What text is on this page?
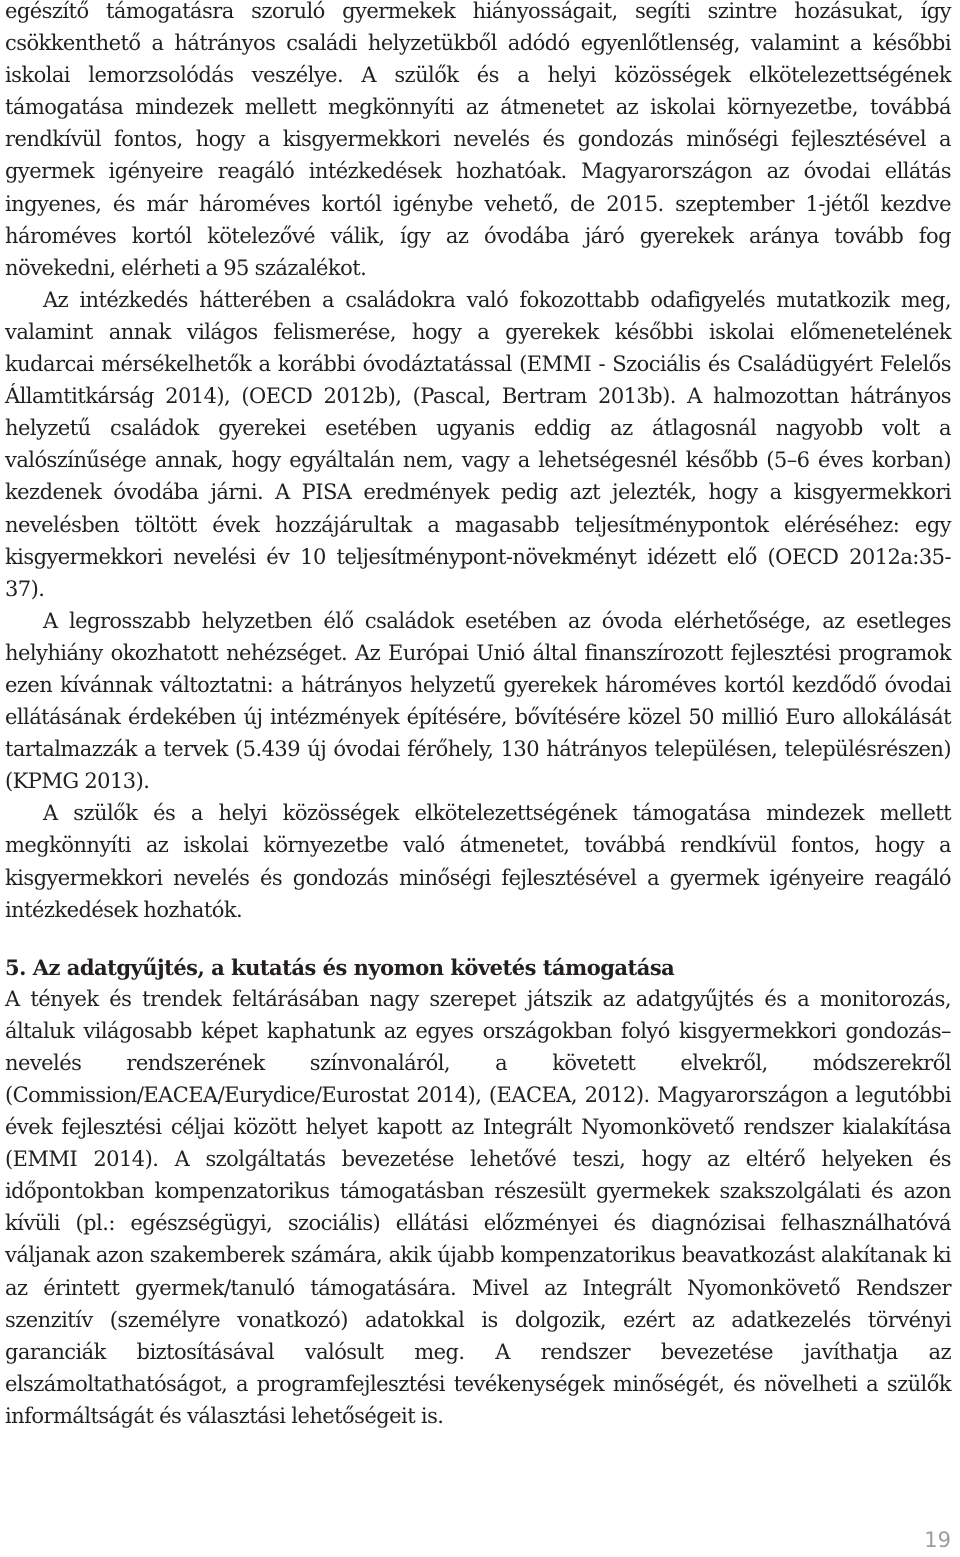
egészítő támogatásra szoruló gyermekek hiányosságait, segíti szintre hozásukat, így csökkenthető a hátrányos családi helyzetükből adódó egyenlőtlenség, valamint a későbbi iskolai lemorzsolódás veszélye. A szülők és a helyi közösségek elkötelezettségének támogatása mindezek mellett megkönnyíti az átmenetet az iskolai környezetbe, továbbá rendkívül fontos, hogy a kisgyermekkori nevelés és gondozás minőségi fejlesztésével a gyermek igényeire reagáló intézkedések hozhatóak. Magyarországon az óvodai ellátás ingyenes, és már hároméves kortól igénybe vehető, de 2015. szeptember 1-jétől kezdve hároméves kortól kötelezővé válik, így az óvodába járó gyerekek aránya tovább fog növekedni, elérheti a 95 százalékot.

Az intézkedés hátterében a családokra való fokozottabb odafigyelés mutatkozik meg, valamint annak világos felismerése, hogy a gyerekek későbbi iskolai előmenetelének kudarcai mérsékelhetők a korábbi óvodáztatással (EMMI - Szociális és Családügyért Felelős Államtitkárság 2014), (OECD 2012b), (Pascal, Bertram 2013b). A halmozottan hátrányos helyzetű családok gyerekei esetében ugyanis eddig az átlagosnál nagyobb volt a valószínűsége annak, hogy egyáltalán nem, vagy a lehetségesnél később (5–6 éves korban) kezdenek óvodába járni. A PISA eredmények pedig azt jelezték, hogy a kisgyermekkori nevelésben töltött évek hozzájárultak a magasabb teljesítménypontok eléréséhez: egy kisgyermekkori nevelési év 10 teljesítménypont-növekményt idézett elő (OECD 2012a:35-37).

A legrosszabb helyzetben élő családok esetében az óvoda elérhetősége, az esetleges helyhiány okozhatott nehézséget. Az Európai Unió által finanszírozott fejlesztési programok ezen kívánnak változtatni: a hátrányos helyzetű gyerekek hároméves kortól kezdődő óvodai ellátásának érdekében új intézmények építésére, bővítésére közel 50 millió Euro allokálását tartalmazzák a tervek (5.439 új óvodai férőhely, 130 hátrányos településen, településrészen) (KPMG 2013).

A szülők és a helyi közösségek elkötelezettségének támogatása mindezek mellett megkönnyíti az iskolai környezetbe való átmenetet, továbbá rendkívül fontos, hogy a kisgyermekkori nevelés és gondozás minőségi fejlesztésével a gyermek igényeire reagáló intézkedések hozhatók.

5. Az adatgyűjtés, a kutatás és nyomon követés támogatása

A tények és trendek feltárásában nagy szerepet játszik az adatgyűjtés és a monitorozás, általuk világosabb képet kaphatunk az egyes országokban folyó kisgyermekkori gondozás–nevelés rendszerének színvonaláról, a követett elvekről, módszerekről (Commission/EACEA/Eurydice/Eurostat 2014), (EACEA, 2012). Magyarországon a legutóbbi évek fejlesztési céljai között helyet kapott az Integrált Nyomonkövető rendszer kialakítása (EMMI 2014). A szolgáltatás bevezetése lehetővé teszi, hogy az eltérő helyeken és időpontokban kompenzatorikus támogatásban részesült gyermekek szakszolgálati és azon kívüli (pl.: egészségügyi, szociális) ellátási előzményei és diagnózisai felhasználhatóvá váljanak azon szakemberek számára, akik újabb kompenzatorikus beavatkozást alakítanak ki az érintett gyermek/tanuló támogatására. Mivel az Integrált Nyomonkövető Rendszer szenzitív (személyre vonatkozó) adatokkal is dolgozik, ezért az adatkezelés törvényi garanciák biztosításával valósult meg. A rendszer bevezetése javíthatja az elszámoltathatóságot, a programfejlesztési tevékenységek minőségét, és növelheti a szülők informáltságát és választási lehetőségeit is.

19
